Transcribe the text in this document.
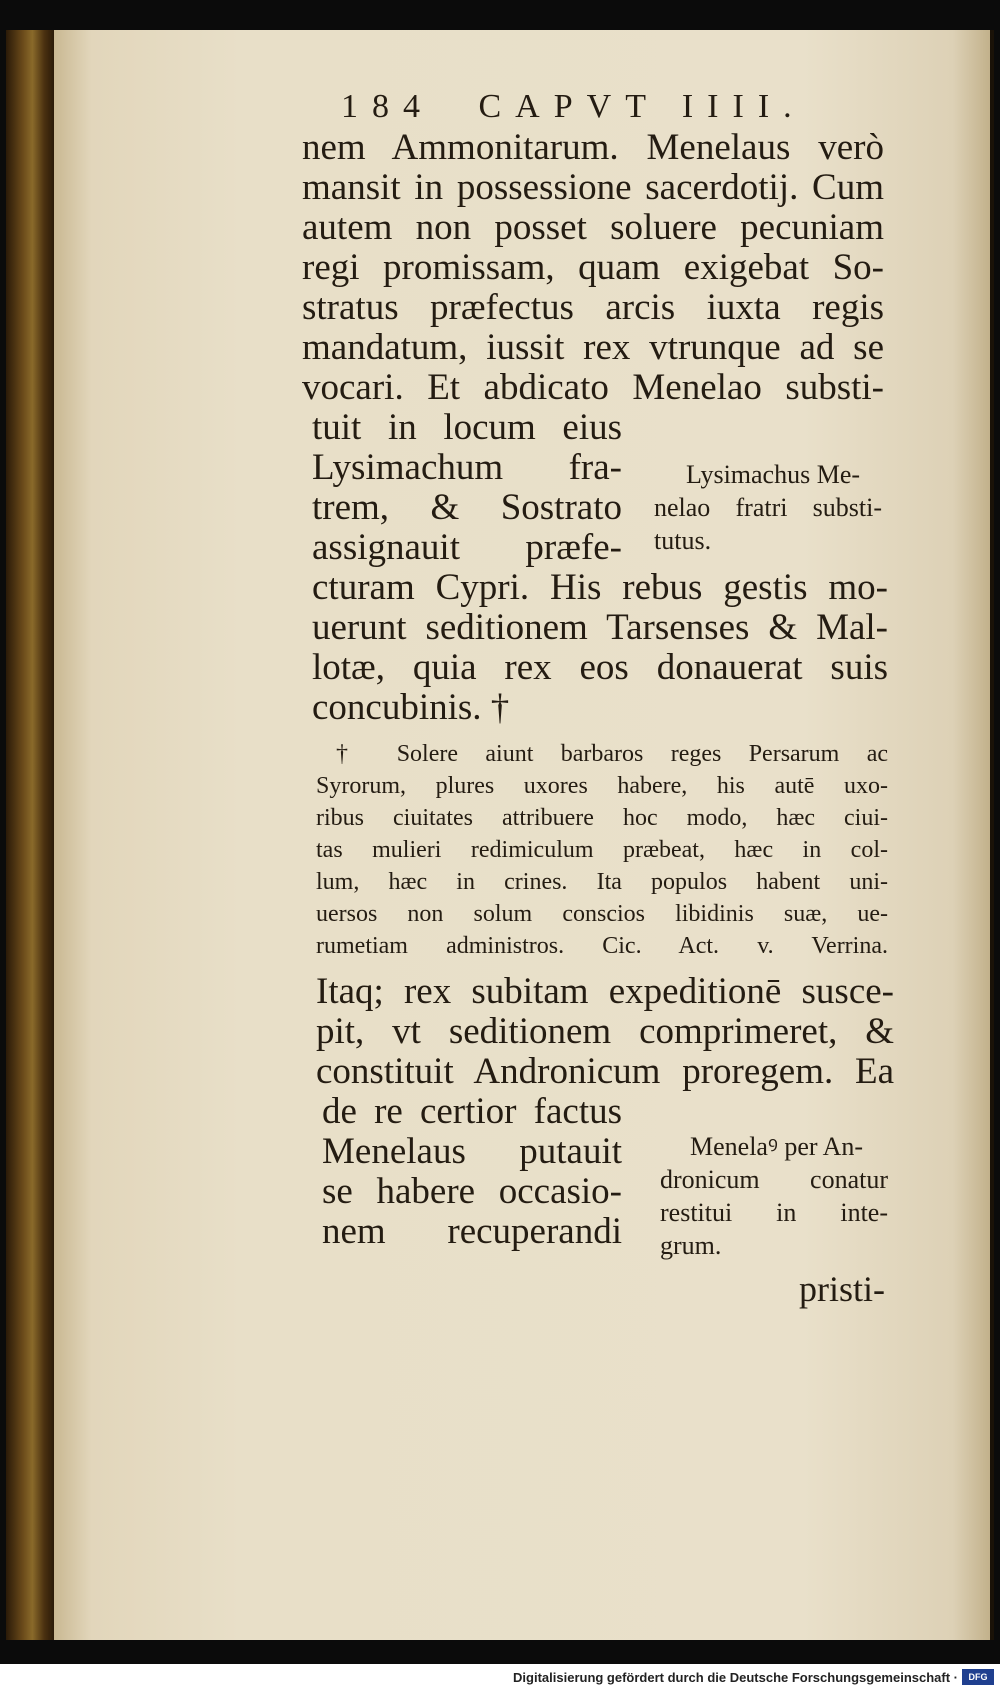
184 CAPVT IIII.
nem Ammonitarum. Menelaus verò
mansit in possessione sacerdotij. Cum
autem non posset soluere pecuniam
regi promissam, quam exigebat So-
stratus præfectus arcis iuxta regis
mandatum, iussit rex vtrunque ad se
vocari. Et abdicato Menelao substi-
tuit in locum eius
Lysimachum fra-
trem, & Sostrato
assignauit præfe-
Lysimachus Me-
nelao fratri substi-
tutus.
cturam Cypri. His rebus gestis mo-
uerunt seditionem Tarsenses & Mal-
lotæ, quia rex eos donauerat suis
concubinis. †
† Solere aiunt barbaros reges Persarum ac
Syrorum, plures uxores habere, his autē uxo-
ribus ciuitates attribuere hoc modo, hæc ciui-
tas mulieri redimiculum præbeat, hæc in col-
lum, hæc in crines. Ita populos habent uni-
uersos non solum conscios libidinis suæ, ue-
rumetiam administros. Cic. Act. v. Verrina.
Itaq; rex subitam expeditionē susce-
pit, vt seditionem comprimeret, &
constituit Andronicum proregem. Ea
de re certior factus
Menelaus putauit
se habere occasio-
nem recuperandi
Menelaꝰ per An-
dronicum conatur
restitui in inte-
grum.
pristi-
Digitalisierung gefördert durch die Deutsche Forschungsgemeinschaft ·	DFG
